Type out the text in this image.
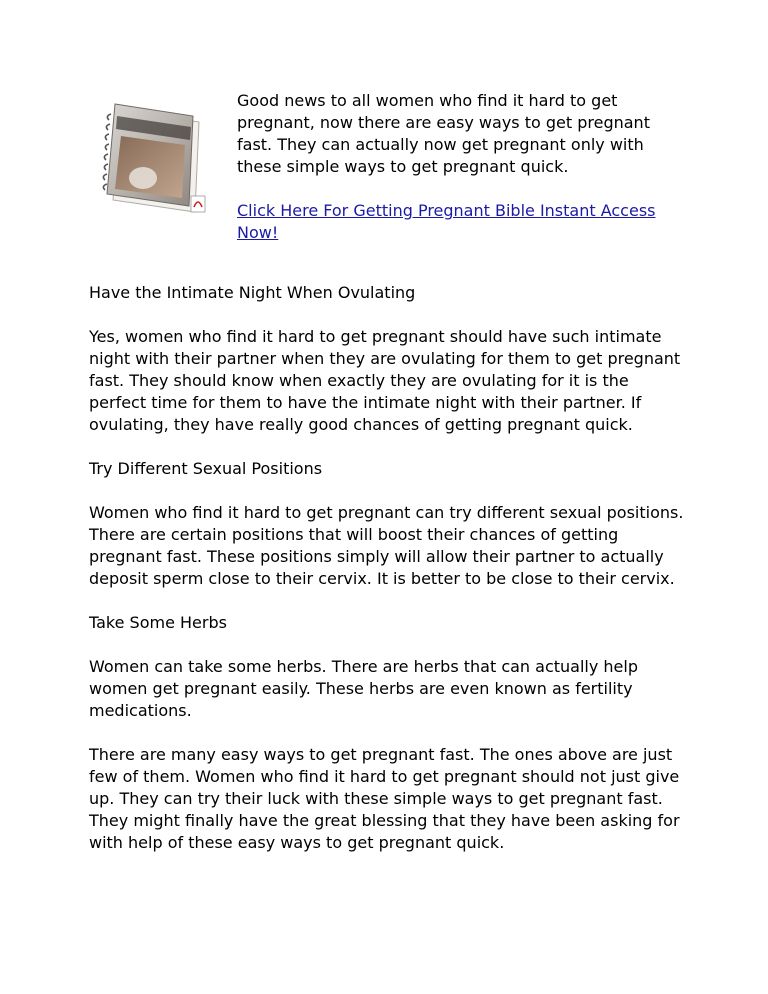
Good news to all women who find it hard to get pregnant, now there are easy ways to get pregnant fast. They can actually now get pregnant only with these simple ways to get pregnant quick.

Click Here For Getting Pregnant Bible Instant Access Now!

Have the Intimate Night When Ovulating

Yes, women who find it hard to get pregnant should have such intimate night with their partner when they are ovulating for them to get pregnant fast. They should know when exactly they are ovulating for it is the perfect time for them to have the intimate night with their partner. If ovulating, they have really good chances of getting pregnant quick.

Try Different Sexual Positions

Women who find it hard to get pregnant can try different sexual positions. There are certain positions that will boost their chances of getting pregnant fast. These positions simply will allow their partner to actually deposit sperm close to their cervix. It is better to be close to their cervix.

Take Some Herbs

Women can take some herbs. There are herbs that can actually help women get pregnant easily. These herbs are even known as fertility medications.

There are many easy ways to get pregnant fast. The ones above are just few of them. Women who find it hard to get pregnant should not just give up. They can try their luck with these simple ways to get pregnant fast. They might finally have the great blessing that they have been asking for with help of these easy ways to get pregnant quick.
